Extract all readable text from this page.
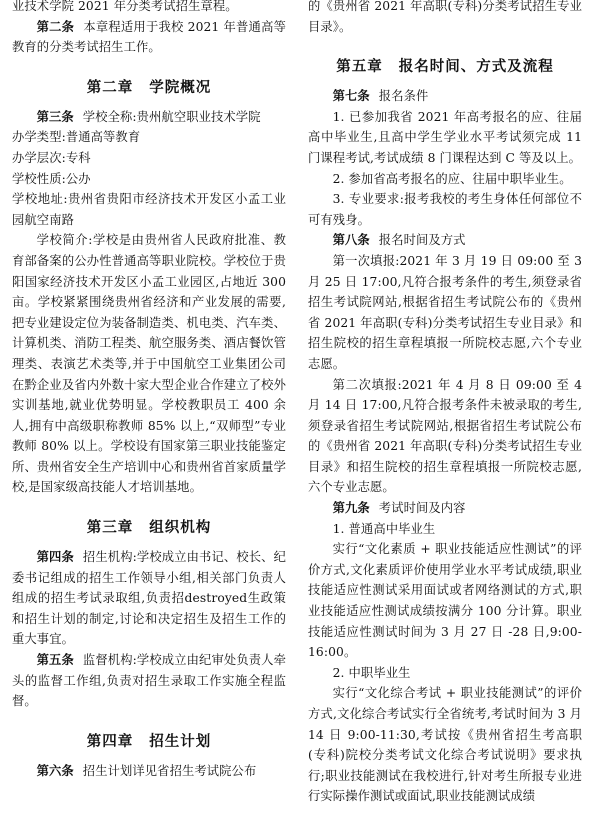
业技术学院 2021 年分类考试招生章程。

第二条 本章程适用于我校 2021 年普通高等教育的分类考试招生工作。

第二章 学院概况

第三条 学校全称:贵州航空职业技术学院

办学类型:普通高等教育

办学层次:专科

学校性质:公办

学校地址:贵州省贵阳市经济技术开发区小孟工业园航空南路

学校简介:学校是由贵州省人民政府批准、教育部备案的公办性普通高等职业院校。学校位于贵阳国家经济技术开发区小孟工业园区,占地近 300 亩。学校紧紧围绕贵州省经济和产业发展的需要,把专业建设定位为装备制造类、机电类、汽车类、计算机类、消防工程类、航空服务类、酒店餐饮管理类、表演艺术类等,并于中国航空工业集团公司在黔企业及省内外数十家大型企业合作建立了校外实训基地,就业优势明显。学校教职员工 400 余人,拥有中高级职称教师 85% 以上,“双师型”专业教师 80% 以上。学校设有国家第三职业技能鉴定所、贵州省安全生产培训中心和贵州省首家质量学校,是国家级高技能人才培训基地。

第三章 组织机构

第四条 招生机构:学校成立由书记、校长、纪委书记组成的招生工作领导小组,相关部门负责人组成的招生考试录取组,负责招destroyed生政策和招生计划的制定,讨论和决定招生及招生工作的重大事宜。

第五条 监督机构:学校成立由纪审处负责人牵头的监督工作组,负责对招生录取工作实施全程监督。

第四章 招生计划

第六条 招生计划详见省招生考试院公布

的《贵州省 2021 年高职(专科)分类考试招生专业目录》。

第五章 报名时间、方式及流程

第七条 报名条件

1. 已参加我省 2021 年高考报名的应、往届高中毕业生,且高中学生学业水平考试须完成 11 门课程考试,考试成绩 8 门课程达到 C 等及以上。

2. 参加省高考报名的应、往届中职毕业生。

3. 专业要求:报考我校的考生身体任何部位不可有残身。

第八条 报名时间及方式

第一次填报:2021 年 3 月 19 日 09:00 至 3 月 25 日 17:00,凡符合报考条件的考生,须登录省招生考试院网站,根据省招生考试院公布的《贵州省 2021 年高职(专科)分类考试招生专业目录》和招生院校的招生章程填报一所院校志愿,六个专业志愿。

第二次填报:2021 年 4 月 8 日 09:00 至 4 月 14 日 17:00,凡符合报考条件未被录取的考生,须登录省招生考试院网站,根据省招生考试院公布的《贵州省 2021 年高职(专科)分类考试招生专业目录》和招生院校的招生章程填报一所院校志愿,六个专业志愿。

第九条 考试时间及内容

1. 普通高中毕业生

实行“文化素质 + 职业技能适应性测试”的评价方式,文化素质评价使用学业水平考试成绩,职业技能适应性测试采用面试或者网络测试的方式,职业技能适应性测试成绩按满分 100 分计算。职业技能适应性测试时间为 3 月 27 日 -28 日,9:00-16:00。

2. 中职毕业生

实行“文化综合考试 + 职业技能测试”的评价方式,文化综合考试实行全省统考,考试时间为 3 月 14 日 9:00-11:30,考试按《贵州省招生考高职(专科)院校分类考试文化综合考试说明》要求执行;职业技能测试在我校进行,针对考生所报专业进行实际操作测试或面试,职业技能测试成绩
